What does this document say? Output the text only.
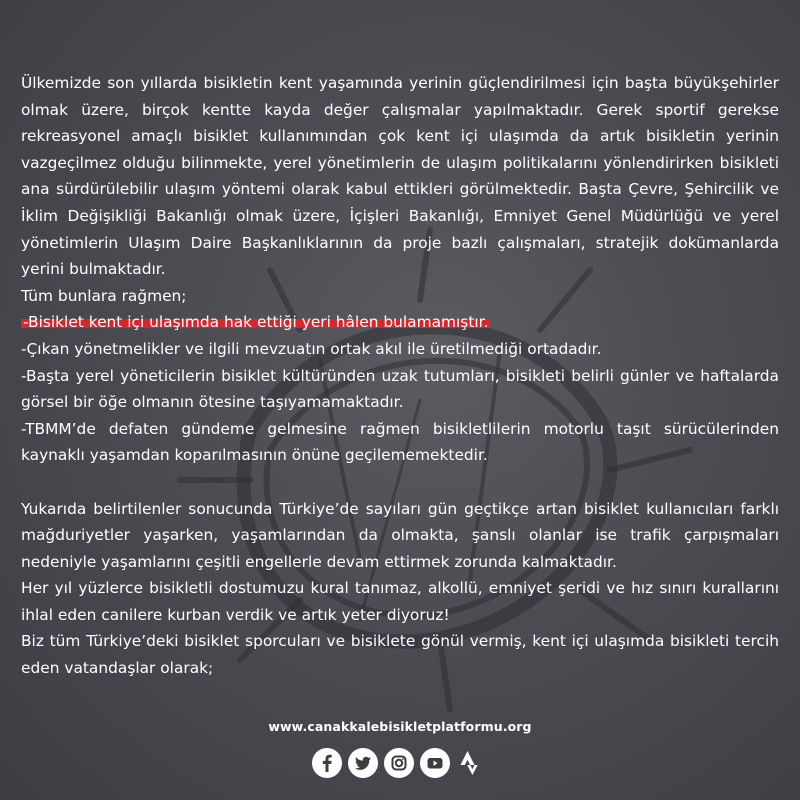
Ülkemizde son yıllarda bisikletin kent yaşamında yerinin güçlendirilmesi için başta büyükşehirler olmak üzere, birçok kentte kayda değer çalışmalar yapılmaktadır. Gerek sportif gerekse rekreasyonel amaçlı bisiklet kullanımından çok kent içi ulaşımda da artık bisikletin yerinin vazgeçilmez olduğu bilinmekte, yerel yönetimlerin de ulaşım politikalarını yönlendirirken bisikleti ana sürdürülebilir ulaşım yöntemi olarak kabul ettikleri görülmektedir. Başta Çevre, Şehircilik ve İklim Değişikliği Bakanlığı olmak üzere, İçişleri Bakanlığı, Emniyet Genel Müdürlüğü ve yerel yönetimlerin Ulaşım Daire Başkanlıklarının da proje bazlı çalışmaları, stratejik dokümanlarda yerini bulmaktadır.

Tüm bunlara rağmen;

-Bisiklet kent içi ulaşımda hak ettiği yeri hâlen bulamamıştır.

-Çıkan yönetmelikler ve ilgili mevzuatın ortak akıl ile üretilmediği ortadadır.

-Başta yerel yöneticilerin bisiklet kültüründen uzak tutumları, bisikleti belirli günler ve haftalarda görsel bir öğe olmanın ötesine taşıyamamaktadır.

-TBMM’de defaten gündeme gelmesine rağmen bisikletlilerin motorlu taşıt sürücülerinden kaynaklı yaşamdan koparılmasının önüne geçilememektedir.

Yukarıda belirtilenler sonucunda Türkiye’de sayıları gün geçtikçe artan bisiklet kullanıcıları farklı mağduriyetler yaşarken, yaşamlarından da olmakta, şanslı olanlar ise trafik çarpışmaları nedeniyle yaşamlarını çeşitli engellerle devam ettirmek zorunda kalmaktadır.

Her yıl yüzlerce bisikletli dostumuzu kural tanımaz, alkollü, emniyet şeridi ve hız sınırı kurallarını ihlal eden canilere kurban verdik ve artık yeter diyoruz!

Biz tüm Türkiye’deki bisiklet sporcuları ve bisiklete gönül vermiş, kent içi ulaşımda bisikleti tercih eden vatandaşlar olarak;

www.canakkalebisikletplatformu.org
